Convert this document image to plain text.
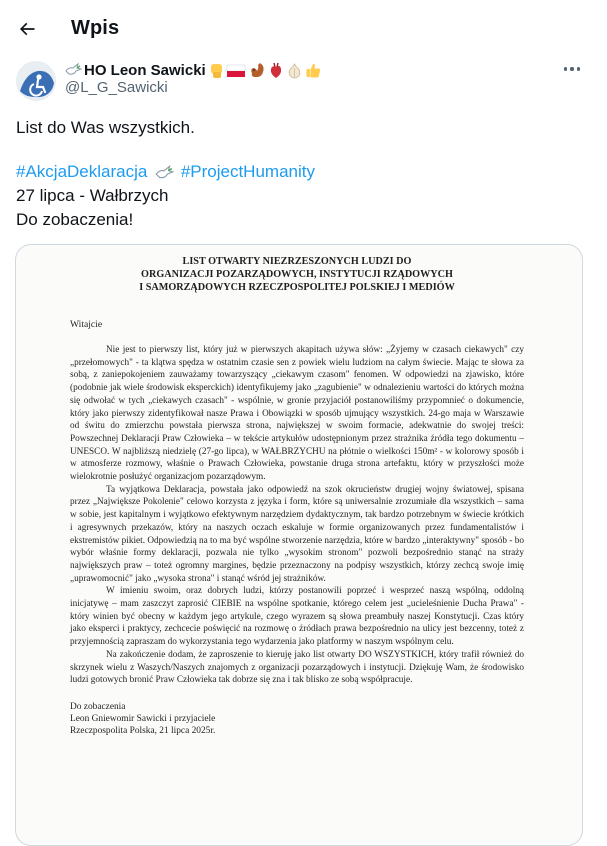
Wpis
HO Leon Sawicki
@L_G_Sawicki
List do Was wszystkich.
#AkcjaDeklaracja #ProjectHumanity
27 lipca - Wałbrzych
Do zobaczenia!
LIST OTWARTY NIEZRZESZONYCH LUDZI DO
ORGANIZACJI POZARZĄDOWYCH, INSTYTUCJI RZĄDOWYCH
I SAMORZĄDOWYCH RZECZPOSPOLITEJ POLSKIEJ I MEDIÓW
Witajcie

Nie jest to pierwszy list, który już w pierwszych akapitach używa słów: „Żyjemy w czasach ciekawych" czy „przełomowych" - ta klątwa spędza w ostatnim czasie sen z powiek wielu ludziom na całym świecie. Mając te słowa za sobą, z zaniepokojeniem zauważamy towarzyszący „ciekawym czasom" fenomen. W odpowiedzi na zjawisko, które (podobnie jak wiele środowisk eksperckich) identyfikujemy jako „zagubienie" w odnalezieniu wartości do których można się odwołać w tych „ciekawych czasach" - wspólnie, w gronie przyjaciół postanowiliśmy przypomnieć o dokumencie, który jako pierwszy zidentyfikował nasze Prawa i Obowiązki w sposób ujmujący wszystkich. 24-go maja w Warszawie od świtu do zmierzchu powstała pierwsza strona, największej w swoim formacie, adekwatnie do swojej treści: Powszechnej Deklaracji Praw Człowieka – w tekście artykułów udostępnionym przez strażnika źródła tego dokumentu – UNESCO. W najbliższą niedzielę (27-go lipca), w WAŁBRZYCHU na płótnie o wielkości 150m² - w kolorowy sposób i w atmosferze rozmowy, właśnie o Prawach Człowieka, powstanie druga strona artefaktu, który w przyszłości może wielokrotnie posłużyć organizacjom pozarządowym.

Ta wyjątkowa Deklaracja, powstała jako odpowiedź na szok okrucieństw drugiej wojny światowej, spisana przez „Największe Pokolenie" celowo korzysta z języka i form, które są uniwersalnie zrozumiałe dla wszystkich – sama w sobie, jest kapitalnym i wyjątkowo efektywnym narzędziem dydaktycznym, tak bardzo potrzebnym w świecie krótkich i agresywnych przekazów, który na naszych oczach eskaluje w formie organizowanych przez fundamentalistów i ekstremistów pikiet. Odpowiedzią na to ma być wspólne stworzenie narzędzia, które w bardzo „interaktywny" sposób - bo wybór właśnie formy deklaracji, pozwala nie tylko „wysokim stronom" pozwoli bezpośrednio stanąć na straży największych praw – toteż ogromny margines, będzie przeznaczony na podpisy wszystkich, którzy zechcą swoje imię „uprawomocnić" jako „wysoka strona" i stanąć wśród jej strażników.

W imieniu swoim, oraz dobrych ludzi, którzy postanowili poprzeć i wesprzeć naszą wspólną, oddolną inicjatywę – mam zaszczyt zaprosić CIEBIE na wspólne spotkanie, którego celem jest „ucieleśnienie Ducha Prawa" - który winien być obecny w każdym jego artykule, czego wyrazem są słowa preambuły naszej Konstytucji. Czas który jako eksperci i praktycy, zechcecie poświęcić na rozmowę o źródłach prawa bezpośrednio na ulicy jest bezcenny, toteż z przyjemnością zapraszam do wykorzystania tego wydarzenia jako platformy w naszym wspólnym celu.

Na zakończenie dodam, że zaproszenie to kieruję jako list otwarty DO WSZYSTKICH, który trafił również do skrzynek wielu z Waszych/Naszych znajomych z organizacji pozarządowych i instytucji. Dziękuję Wam, że środowisko ludzi gotowych bronić Praw Człowieka tak dobrze się zna i tak blisko ze sobą współpracuje.

Do zobaczenia
Leon Gniewomir Sawicki i przyjaciele
Rzeczpospolita Polska, 21 lipca 2025r.
